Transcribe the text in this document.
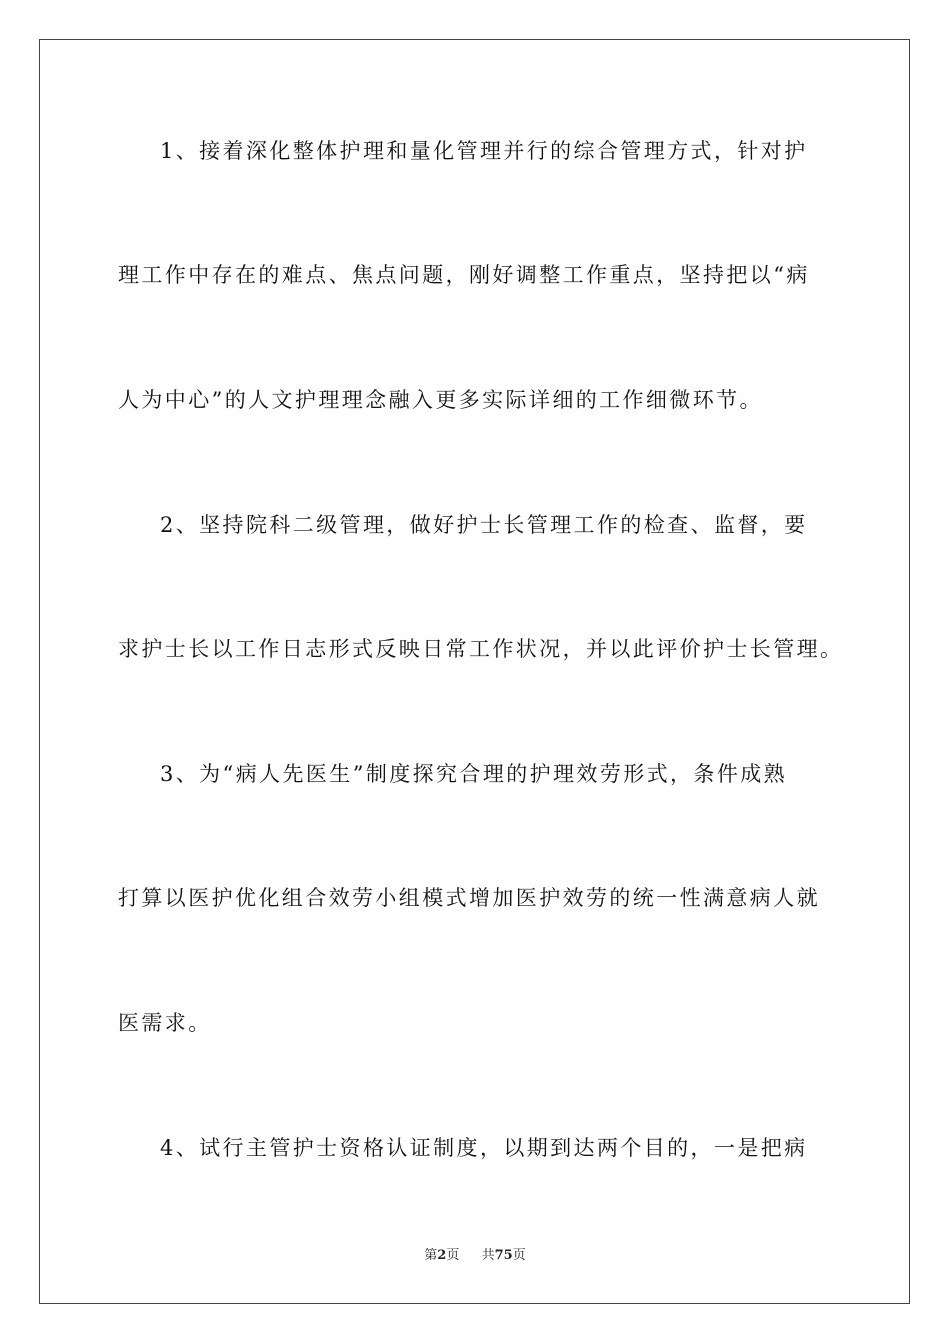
1、接着深化整体护理和量化管理并行的综合管理方式，针对护
理工作中存在的难点、焦点问题，刚好调整工作重点，坚持把以“病
人为中心”的人文护理理念融入更多实际详细的工作细微环节。
2、坚持院科二级管理，做好护士长管理工作的检查、监督，要
求护士长以工作日志形式反映日常工作状况，并以此评价护士长管理。
3、为“病人先医生”制度探究合理的护理效劳形式，条件成熟
打算以医护优化组合效劳小组模式增加医护效劳的统一性满意病人就
医需求。
4、试行主管护士资格认证制度，以期到达两个目的，一是把病
第2页 共75页
